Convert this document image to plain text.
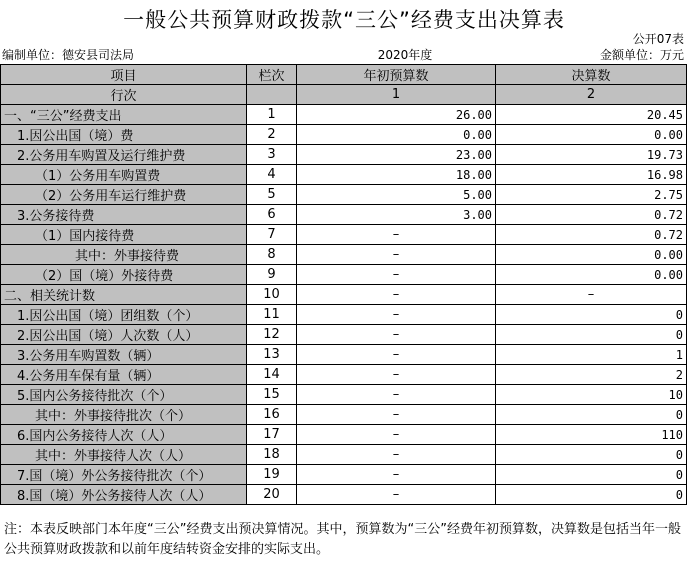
一般公共预算财政拨款“三公”经费支出决算表
公开07表
编制单位：德安县司法局	2020年度	金额单位：万元
项目	栏次	年初预算数	决算数
行次		1	2
一、“三公”经费支出	1	26.00	20.45
1.因公出国（境）费	2	0.00	0.00
2.公务用车购置及运行维护费	3	23.00	19.73
（1）公务用车购置费	4	18.00	16.98
（2）公务用车运行维护费	5	5.00	2.75
3.公务接待费	6	3.00	0.72
（1）国内接待费	7	–	0.72
其中：外事接待费	8	–	0.00
（2）国（境）外接待费	9	–	0.00
二、相关统计数	10	–	–
1.因公出国（境）团组数（个）	11	–	0
2.因公出国（境）人次数（人）	12	–	0
3.公务用车购置数（辆）	13	–	1
4.公务用车保有量（辆）	14	–	2
5.国内公务接待批次（个）	15	–	10
其中：外事接待批次（个）	16	–	0
6.国内公务接待人次（人）	17	–	110
其中：外事接待人次（人）	18	–	0
7.国（境）外公务接待批次（个）	19	–	0
8.国（境）外公务接待人次（人）	20	–	0
注：本表反映部门本年度“三公”经费支出预决算情况。其中，预算数为“三公”经费年初预算数，决算数是包括当年一般公共预算财政拨款和以前年度结转资金安排的实际支出。
